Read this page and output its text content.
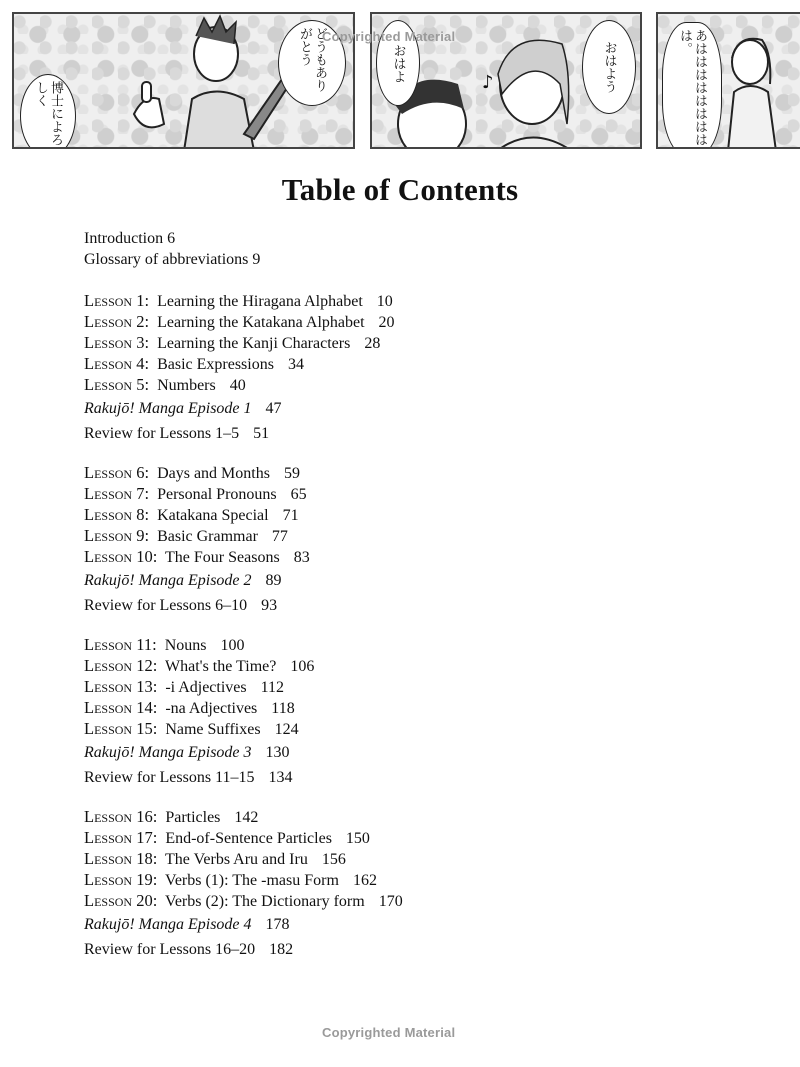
どうもありがとう
博士によろしく
おはよう
おはよ	♪	あははははははははは。
Copyrighted Material
Table of Contents
Introduction 6
Glossary of abbreviations 9
Lesson 1: Learning the Hiragana Alphabet 10
Lesson 2: Learning the Katakana Alphabet 20
Lesson 3: Learning the Kanji Characters 28
Lesson 4: Basic Expressions 34
Lesson 5: Numbers 40
Rakujō! Manga Episode 1 47
Review for Lessons 1–5 51
Lesson 6: Days and Months 59
Lesson 7: Personal Pronouns 65
Lesson 8: Katakana Special 71
Lesson 9: Basic Grammar 77
Lesson 10: The Four Seasons 83
Rakujō! Manga Episode 2 89
Review for Lessons 6–10 93
Lesson 11: Nouns 100
Lesson 12: What's the Time? 106
Lesson 13: -i Adjectives 112
Lesson 14: -na Adjectives 118
Lesson 15: Name Suffixes 124
Rakujō! Manga Episode 3 130
Review for Lessons 11–15 134
Lesson 16: Particles 142
Lesson 17: End-of-Sentence Particles 150
Lesson 18: The Verbs Aru and Iru 156
Lesson 19: Verbs (1): The -masu Form 162
Lesson 20: Verbs (2): The Dictionary form 170
Rakujō! Manga Episode 4 178
Review for Lessons 16–20 182
Copyrighted Material
